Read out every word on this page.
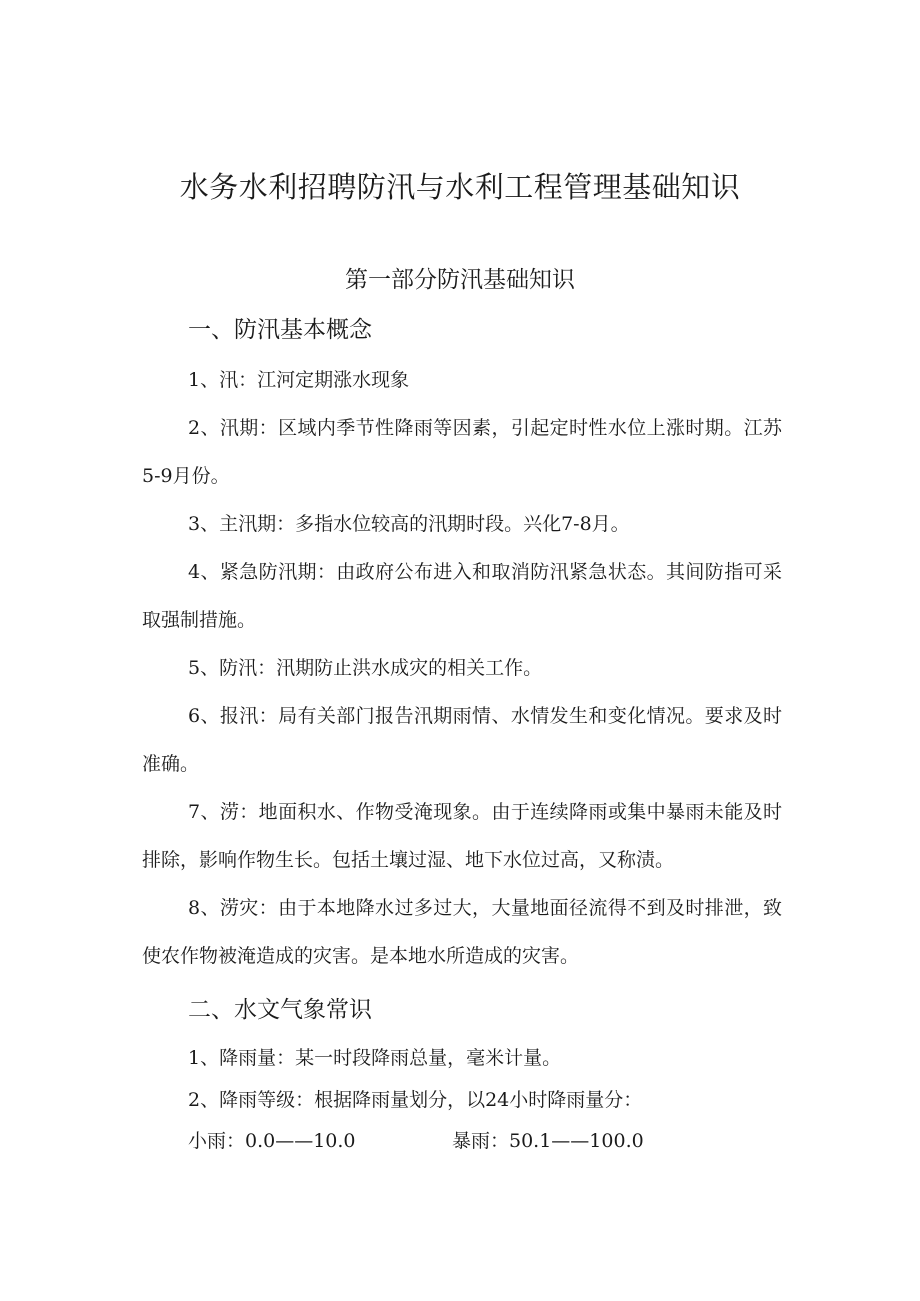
水务水利招聘防汛与水利工程管理基础知识
第一部分防汛基础知识
一、防汛基本概念
1、汛：江河定期涨水现象
2、汛期：区域内季节性降雨等因素，引起定时性水位上涨时期。江苏5-9月份。
3、主汛期：多指水位较高的汛期时段。兴化7-8月。
4、紧急防汛期：由政府公布进入和取消防汛紧急状态。其间防指可采取强制措施。
5、防汛：汛期防止洪水成灾的相关工作。
6、报汛：局有关部门报告汛期雨情、水情发生和变化情况。要求及时准确。
7、涝：地面积水、作物受淹现象。由于连续降雨或集中暴雨未能及时排除，影响作物生长。包括土壤过湿、地下水位过高，又称渍。
8、涝灾：由于本地降水过多过大，大量地面径流得不到及时排泄，致使农作物被淹造成的灾害。是本地水所造成的灾害。
二、水文气象常识
1、降雨量：某一时段降雨总量，毫米计量。
2、降雨等级：根据降雨量划分，以24小时降雨量分：
小雨：0.0——10.0	暴雨：50.1——100.0
